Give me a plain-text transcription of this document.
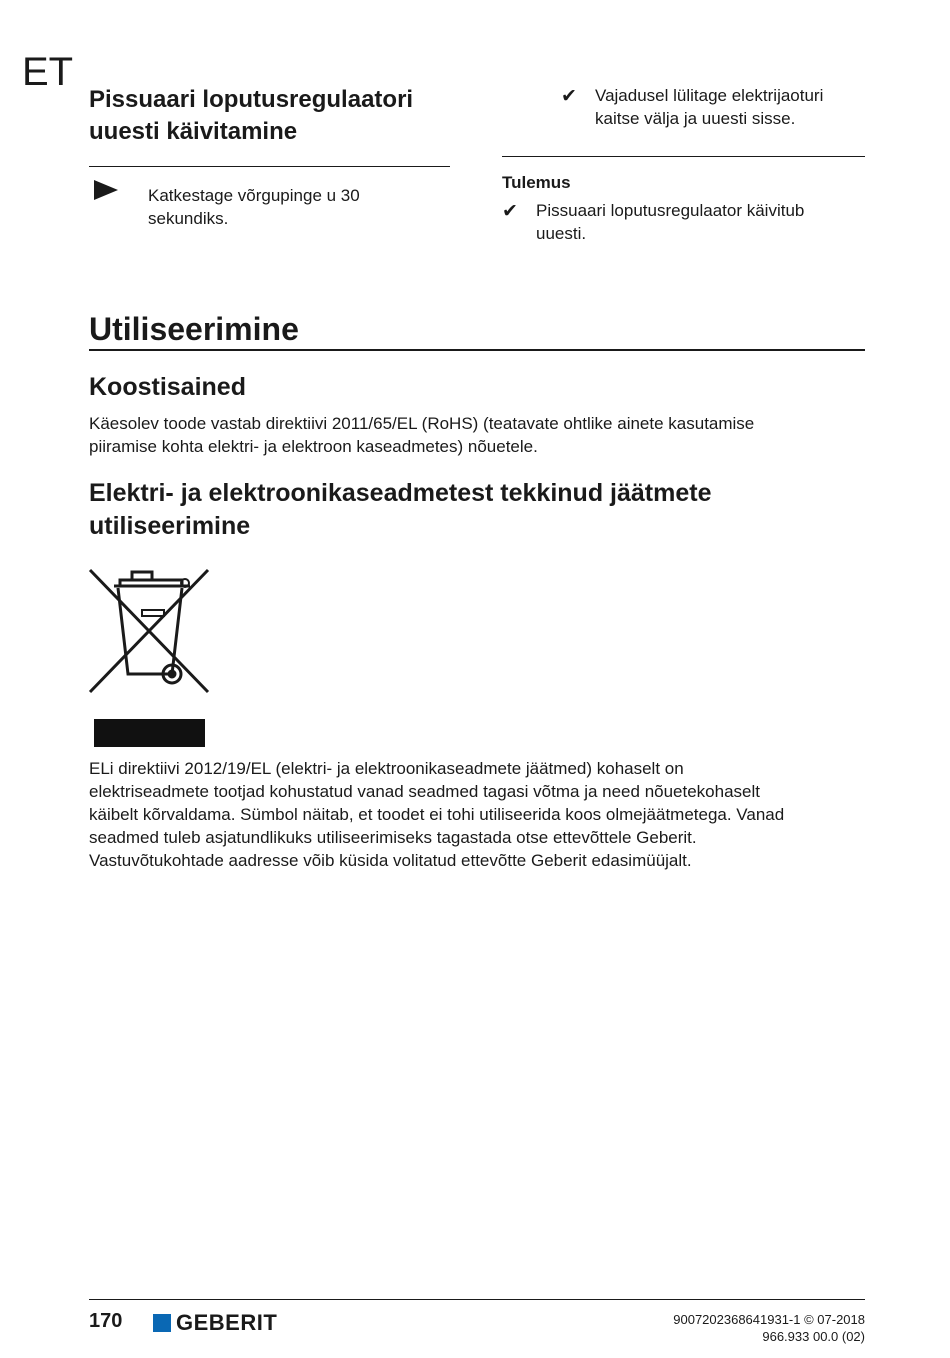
ET
Pissuaari loputusregulaatori
uuesti käivitamine
Katkestage võrgupinge u 30
sekundiks.
✔ Vajadusel lülitage elektrijaoturi
kaitse välja ja uuesti sisse.
Tulemus
✔ Pissuaari loputusregulaator käivitub
uuesti.
Utiliseerimine
Koostisained
Käesolev toode vastab direktiivi 2011/65/EL (RoHS) (teatavate ohtlike ainete kasutamise
piiramise kohta elektri- ja elektroon kaseadmetes) nõuetele.
Elektri- ja elektroonikaseadmetest tekkinud jäätmete
utiliseerimine
ELi direktiivi 2012/19/EL (elektri- ja elektroonikaseadmete jäätmed) kohaselt on
elektriseadmete tootjad kohustatud vanad seadmed tagasi võtma ja need nõuetekohaselt
käibelt kõrvaldama. Sümbol näitab, et toodet ei tohi utiliseerida koos olmejäätmetega. Vanad
seadmed tuleb asjatundlikuks utiliseerimiseks tagastada otse ettevõttele Geberit.
Vastuvõtukohtade aadresse võib küsida volitatud ettevõtte Geberit edasimüüjalt.
170 GEBERIT	9007202368641931-1 © 07-2018
966.933 00.0 (02)
